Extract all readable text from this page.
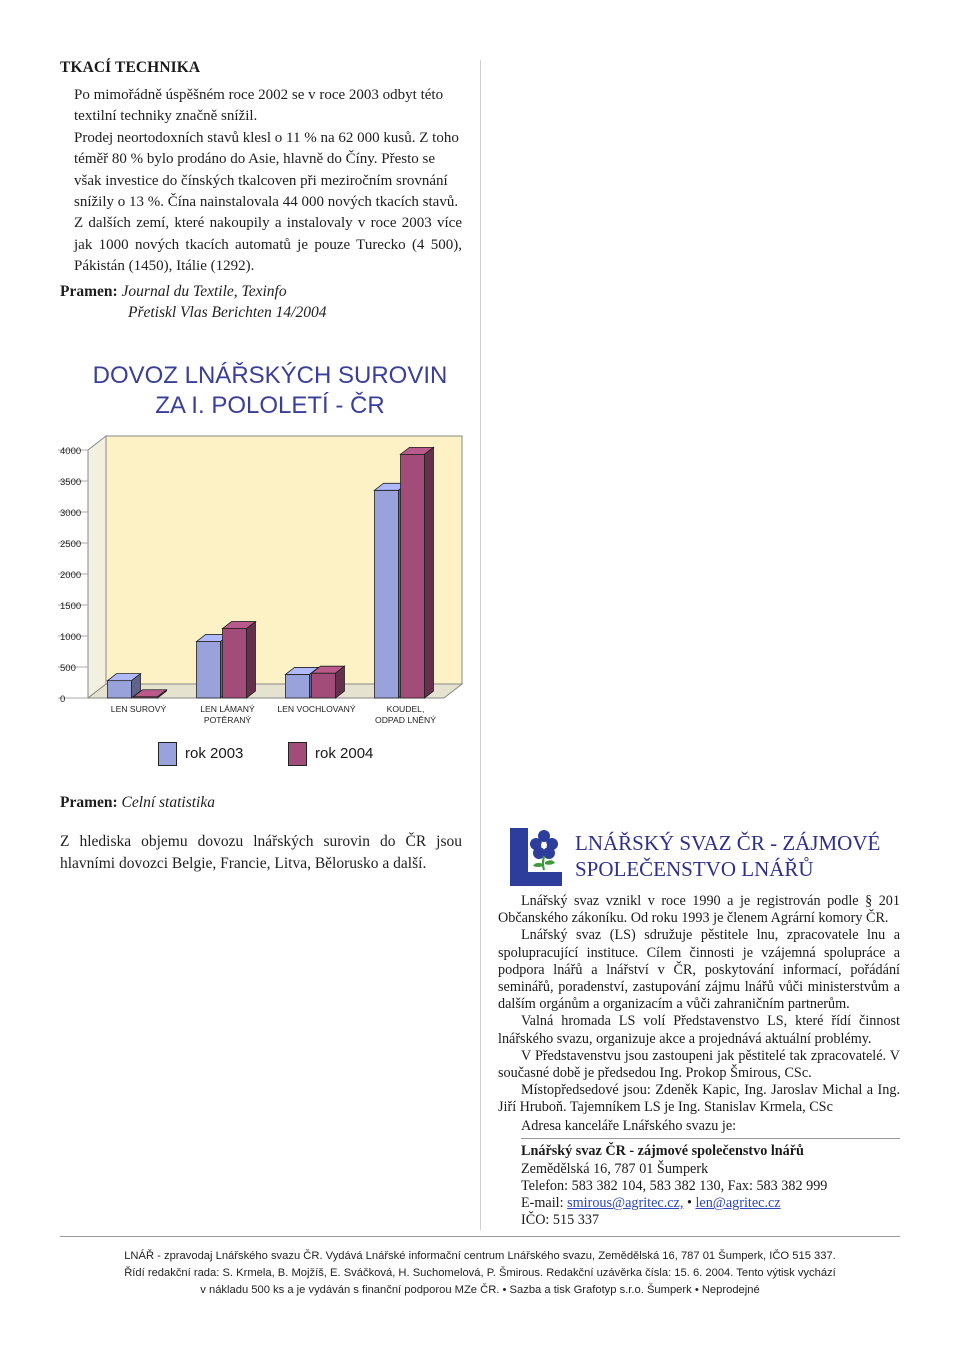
TKACÍ TECHNIKA

Po mimořádně úspěšném roce 2002 se v roce 2003 odbyt této textilní techniky značně snížil.

Prodej neortodoxních stavů klesl o 11 % na 62 000 kusů. Z toho téměř 80 % bylo prodáno do Asie, hlavně do Číny. Přesto se však investice do čínských tkalcoven při meziročním srovnání snížily o 13 %. Čína nainstalovala 44 000 nových tkacích stavů.

Z dalších zemí, které nakoupily a instalovaly v roce 2003 více jak 1000 nových tkacích automatů je pouze Turecko (4 500), Pákistán (1450), Itálie (1292).

Pramen: Journal du Textile, Texinfo
Přetiskl Vlas Berichten 14/2004
DOVOZ LNÁŘSKÝCH SUROVIN
ZA I. POLOLETÍ - ČR
0
500
1000
1500
2000
2500
3000
3500
4000
LEN SUROVÝ	LEN LÁMANÝ
POTĚRANÝ
LEN VOCHLOVANÝ	KOUDEL,
ODPAD LNĚNÝ
rok 2003	rok 2004
Pramen: Celní statistika
Z hlediska objemu dovozu lnářských surovin do ČR jsou hlavními dovozci Belgie, Francie, Litva, Bělorusko a další.
LNÁŘSKÝ SVAZ ČR - ZÁJMOVÉ
SPOLEČENSTVO LNÁŘŮ

Lnářský svaz vznikl v roce 1990 a je registrován podle § 201 Občanského zákoníku. Od roku 1993 je členem Agrární komory ČR.

Lnářský svaz (LS) sdružuje pěstitele lnu, zpracovatele lnu a spolupracující instituce. Cílem činnosti je vzájemná spolupráce a podpora lnářů a lnářství v ČR, poskytování informací, pořádání seminářů, poradenství, zastupování zájmu lnářů vůči ministerstvům a dalším orgánům a organizacím a vůči zahraničním partnerům.

Valná hromada LS volí Představenstvo LS, které řídí činnost lnářského svazu, organizuje akce a projednává aktuální problémy.

V Představenstvu jsou zastoupeni jak pěstitelé tak zpracovatelé. V současné době je předsedou Ing. Prokop Šmirous, CSc.

Místopředsedové jsou: Zdeněk Kapic, Ing. Jaroslav Michal a Ing. Jiří Hruboň. Tajemníkem LS je Ing. Stanislav Krmela, CSc

Adresa kanceláře Lnářského svazu je:
Lnářský svaz ČR - zájmové společenstvo lnářů
Zemědělská 16, 787 01 Šumperk
Telefon: 583 382 104, 583 382 130, Fax: 583 382 999
E-mail: smirous@agritec.cz, • len@agritec.cz
IČO: 515 337
LNÁŘ - zpravodaj Lnářského svazu ČR. Vydává Lnářské informační centrum Lnářského svazu, Zemědělská 16, 787 01 Šumperk, IČO 515 337.
Řídí redakční rada: S. Krmela, B. Mojžíš, E. Sváčková, H. Suchomelová, P. Šmirous. Redakční uzávěrka čísla: 15. 6. 2004. Tento výtisk vychází
v nákladu 500 ks a je vydáván s finanční podporou MZe ČR. • Sazba a tisk Grafotyp s.r.o. Šumperk • Neprodejné
